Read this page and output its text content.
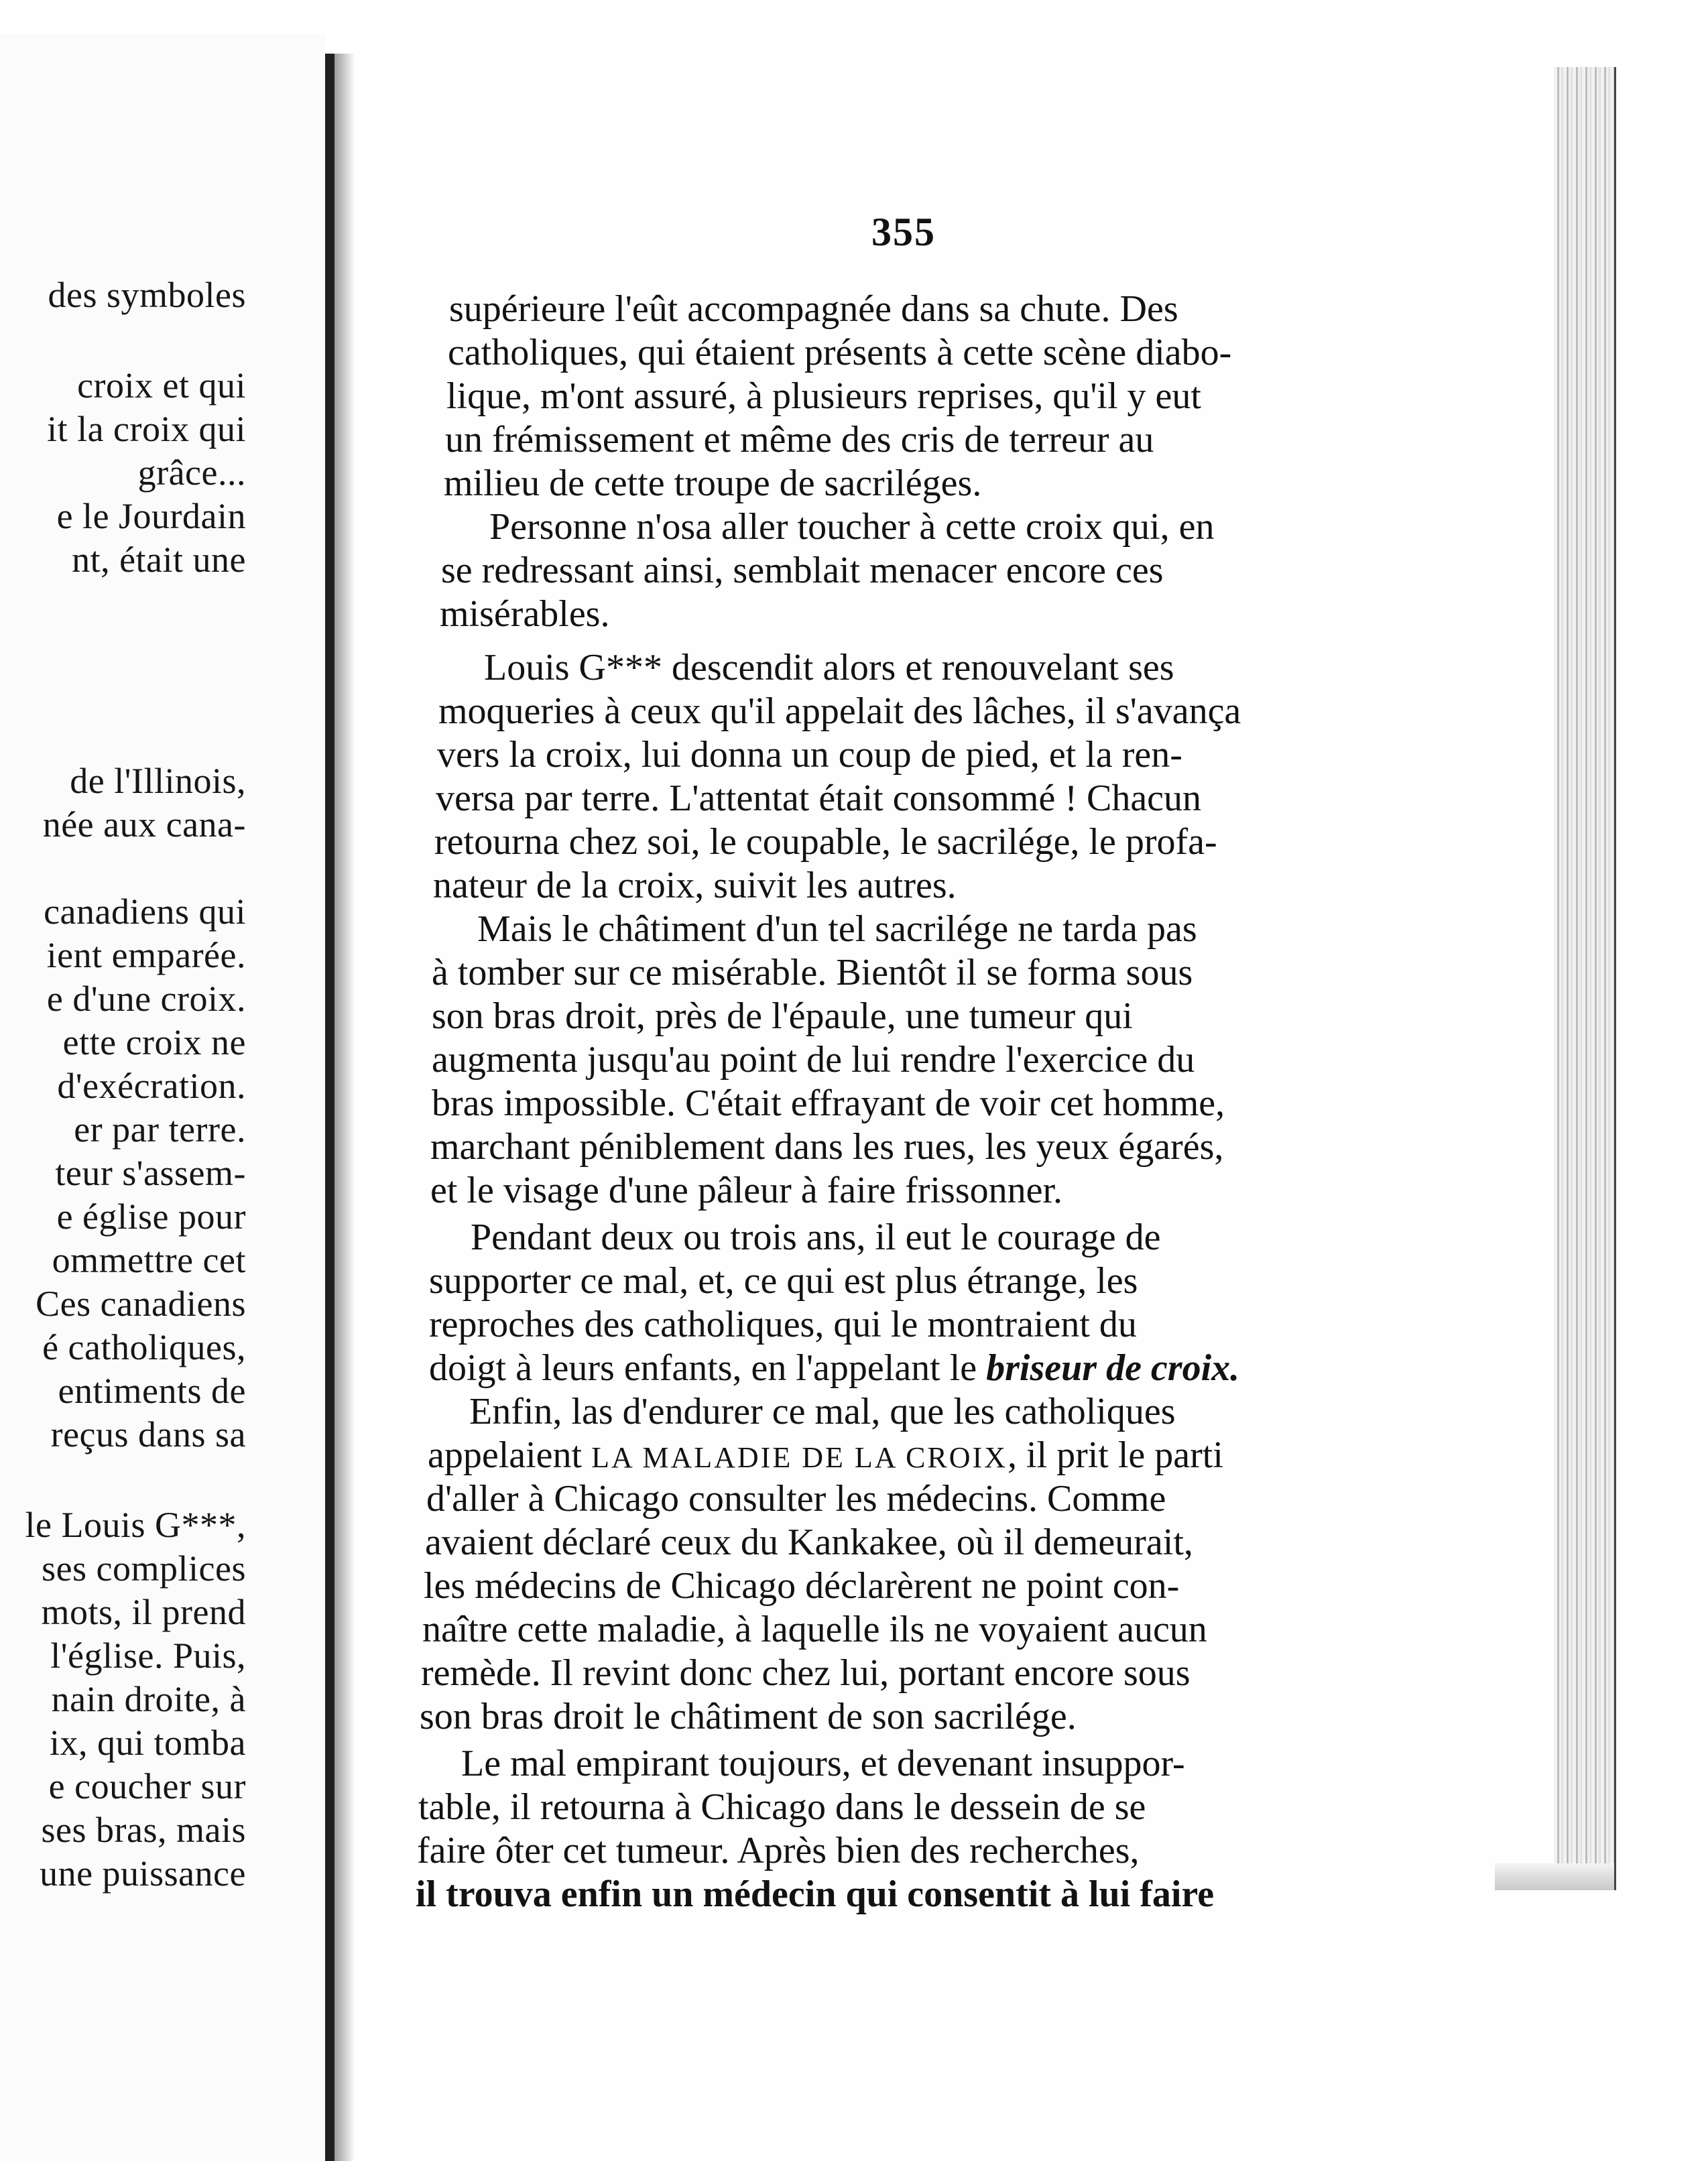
des symboles
croix et qui
it la croix qui
grâce...
e le Jourdain
nt, était une
de l'Illinois,
née aux cana-
canadiens qui
ient emparée.
e d'une croix.
ette croix ne
d'exécration.
er par terre.
teur s'assem-
e église pour
ommettre cet
Ces canadiens
é catholiques,
entiments de
reçus dans sa
le Louis G***,
ses complices
mots, il prend
l'église. Puis,
nain droite, à
ix, qui tomba
e coucher sur
ses bras, mais
une puissance
355
supérieure l'eût accompagnée dans sa chute. Des
catholiques, qui étaient présents à cette scène diabo-
lique, m'ont assuré, à plusieurs reprises, qu'il y eut
un frémissement et même des cris de terreur au
milieu de cette troupe de sacriléges.
Personne n'osa aller toucher à cette croix qui, en
se redressant ainsi, semblait menacer encore ces
misérables.
Louis G*** descendit alors et renouvelant ses
moqueries à ceux qu'il appelait des lâches, il s'avança
vers la croix, lui donna un coup de pied, et la ren-
versa par terre. L'attentat était consommé ! Chacun
retourna chez soi, le coupable, le sacrilége, le profa-
nateur de la croix, suivit les autres.
Mais le châtiment d'un tel sacrilége ne tarda pas
à tomber sur ce misérable. Bientôt il se forma sous
son bras droit, près de l'épaule, une tumeur qui
augmenta jusqu'au point de lui rendre l'exercice du
bras impossible. C'était effrayant de voir cet homme,
marchant péniblement dans les rues, les yeux égarés,
et le visage d'une pâleur à faire frissonner.
Pendant deux ou trois ans, il eut le courage de
supporter ce mal, et, ce qui est plus étrange, les
reproches des catholiques, qui le montraient du
doigt à leurs enfants, en l'appelant le briseur de croix.
Enfin, las d'endurer ce mal, que les catholiques
appelaient LA MALADIE DE LA CROIX, il prit le parti
d'aller à Chicago consulter les médecins. Comme
avaient déclaré ceux du Kankakee, où il demeurait,
les médecins de Chicago déclarèrent ne point con-
naître cette maladie, à laquelle ils ne voyaient aucun
remède. Il revint donc chez lui, portant encore sous
son bras droit le châtiment de son sacrilége.
Le mal empirant toujours, et devenant insuppor-
table, il retourna à Chicago dans le dessein de se
faire ôter cet tumeur. Après bien des recherches,
il trouva enfin un médecin qui consentit à lui faire
